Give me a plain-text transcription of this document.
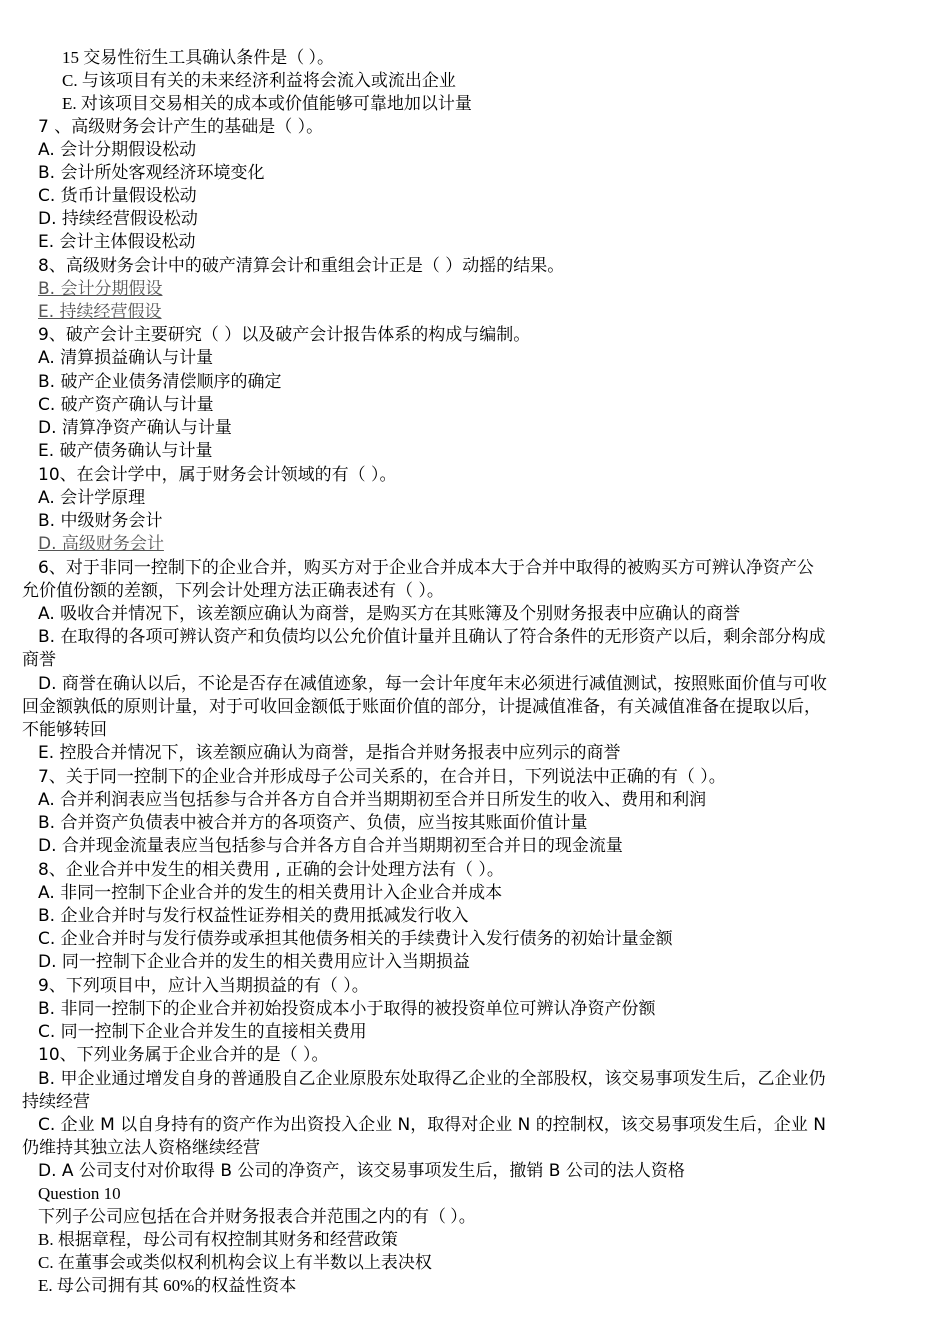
15 交易性衍生工具确认条件是（ ）。
C. 与该项目有关的未来经济利益将会流入或流出企业
E. 对该项目交易相关的成本或价值能够可靠地加以计量
7 、高级财务会计产生的基础是（ ）。
A. 会计分期假设松动
B. 会计所处客观经济环境变化
C. 货币计量假设松动
D. 持续经营假设松动
E. 会计主体假设松动
8、高级财务会计中的破产清算会计和重组会计正是（ ）动摇的结果。
B. 会计分期假设
E. 持续经营假设
9、破产会计主要研究（ ）以及破产会计报告体系的构成与编制。
A. 清算损益确认与计量
B. 破产企业债务清偿顺序的确定
C. 破产资产确认与计量
D. 清算净资产确认与计量
E. 破产债务确认与计量
10、在会计学中，属于财务会计领域的有（ ）。
A. 会计学原理
B. 中级财务会计
D. 高级财务会计
6、对于非同一控制下的企业合并，购买方对于企业合并成本大于合并中取得的被购买方可辨认净资产公
允价值份额的差额，下列会计处理方法正确表述有（ ）。
A. 吸收合并情况下，该差额应确认为商誉，是购买方在其账簿及个别财务报表中应确认的商誉
B. 在取得的各项可辨认资产和负债均以公允价值计量并且确认了符合条件的无形资产以后，剩余部分构成
商誉
D. 商誉在确认以后，不论是否存在减值迹象，每一会计年度年末必须进行减值测试，按照账面价值与可收
回金额孰低的原则计量，对于可收回金额低于账面价值的部分，计提减值准备，有关减值准备在提取以后，
不能够转回
E. 控股合并情况下，该差额应确认为商誉，是指合并财务报表中应列示的商誉
7、关于同一控制下的企业合并形成母子公司关系的，在合并日，下列说法中正确的有（ ）。
A. 合并利润表应当包括参与合并各方自合并当期期初至合并日所发生的收入、费用和利润
B. 合并资产负债表中被合并方的各项资产、负债，应当按其账面价值计量
D. 合并现金流量表应当包括参与合并各方自合并当期期初至合并日的现金流量
8、企业合并中发生的相关费用 , 正确的会计处理方法有（ ）。
A. 非同一控制下企业合并的发生的相关费用计入企业合并成本
B. 企业合并时与发行权益性证券相关的费用抵减发行收入
C. 企业合并时与发行债券或承担其他债务相关的手续费计入发行债务的初始计量金额
D. 同一控制下企业合并的发生的相关费用应计入当期损益
9、下列项目中，应计入当期损益的有（ ）。
B. 非同一控制下的企业合并初始投资成本小于取得的被投资单位可辨认净资产份额
C. 同一控制下企业合并发生的直接相关费用
10、下列业务属于企业合并的是（ ）。
B. 甲企业通过增发自身的普通股自乙企业原股东处取得乙企业的全部股权，该交易事项发生后，乙企业仍
持续经营
C. 企业 M 以自身持有的资产作为出资投入企业 N，取得对企业 N 的控制权，该交易事项发生后，企业 N
仍维持其独立法人资格继续经营
D. A 公司支付对价取得 B 公司的净资产，该交易事项发生后，撤销 B 公司的法人资格
Question 10
下列子公司应包括在合并财务报表合并范围之内的有（ ）。
B. 根据章程，母公司有权控制其财务和经营政策
C. 在董事会或类似权利机构会议上有半数以上表决权
E. 母公司拥有其 60%的权益性资本
